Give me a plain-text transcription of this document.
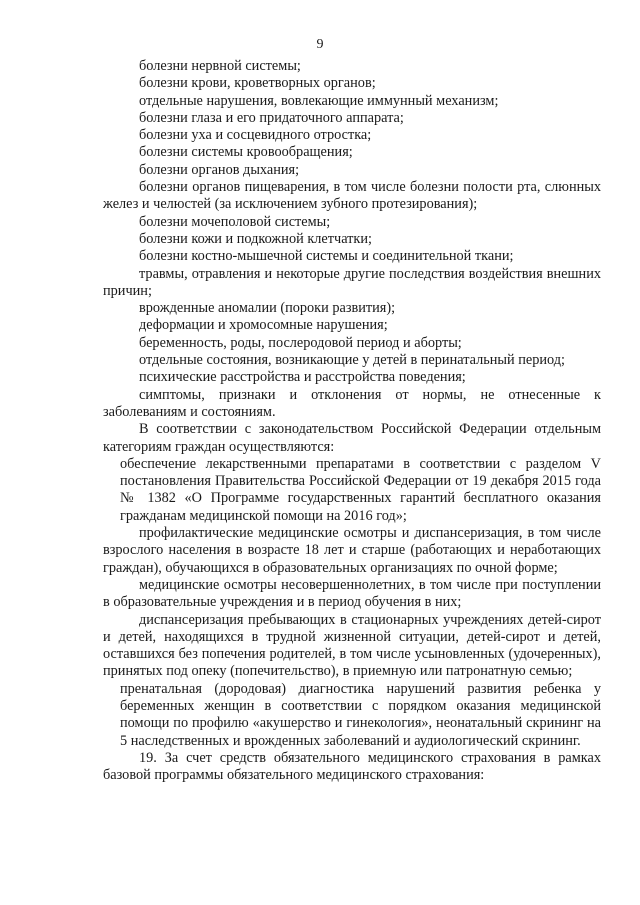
9

болезни нервной системы;

болезни крови, кроветворных органов;

отдельные нарушения, вовлекающие иммунный механизм;

болезни глаза и его придаточного аппарата;

болезни уха и сосцевидного отростка;

болезни системы кровообращения;

болезни органов дыхания;

болезни органов пищеварения, в том числе болезни полости рта, слюнных желез и челюстей (за исключением зубного протезирования);

болезни мочеполовой системы;

болезни кожи и подкожной клетчатки;

болезни костно-мышечной системы и соединительной ткани;

травмы, отравления и некоторые другие последствия воздействия внешних причин;

врожденные аномалии (пороки развития);

деформации и хромосомные нарушения;

беременность, роды, послеродовой период и аборты;

отдельные состояния, возникающие у детей в перинатальный период;

психические расстройства и расстройства поведения;

симптомы, признаки и отклонения от нормы, не отнесенные к заболеваниям и состояниям.

В соответствии с законодательством Российской Федерации отдельным категориям граждан осуществляются:

обеспечение лекарственными препаратами в соответствии с разделом V постановления Правительства Российской Федерации от 19 декабря 2015 года № 1382 «О Программе государственных гарантий бесплатного оказания гражданам медицинской помощи на 2016 год»;

профилактические медицинские осмотры и диспансеризация, в том числе взрослого населения в возрасте 18 лет и старше (работающих и неработающих граждан), обучающихся в образовательных организациях по очной форме;

медицинские осмотры несовершеннолетних, в том числе при поступлении в образовательные учреждения и в период обучения в них;

диспансеризация пребывающих в стационарных учреждениях детей-сирот и детей, находящихся в трудной жизненной ситуации, детей-сирот и детей, оставшихся без попечения родителей, в том числе усыновленных (удочеренных), принятых под опеку (попечительство), в приемную или патронатную семью;

пренатальная (дородовая) диагностика нарушений развития ребенка у беременных женщин в соответствии с порядком оказания медицинской помощи по профилю «акушерство и гинекология», неонатальный скрининг на 5 наследственных и врожденных заболеваний и аудиологический скрининг.

19. За счет средств обязательного медицинского страхования в рамках базовой программы обязательного медицинского страхования:
